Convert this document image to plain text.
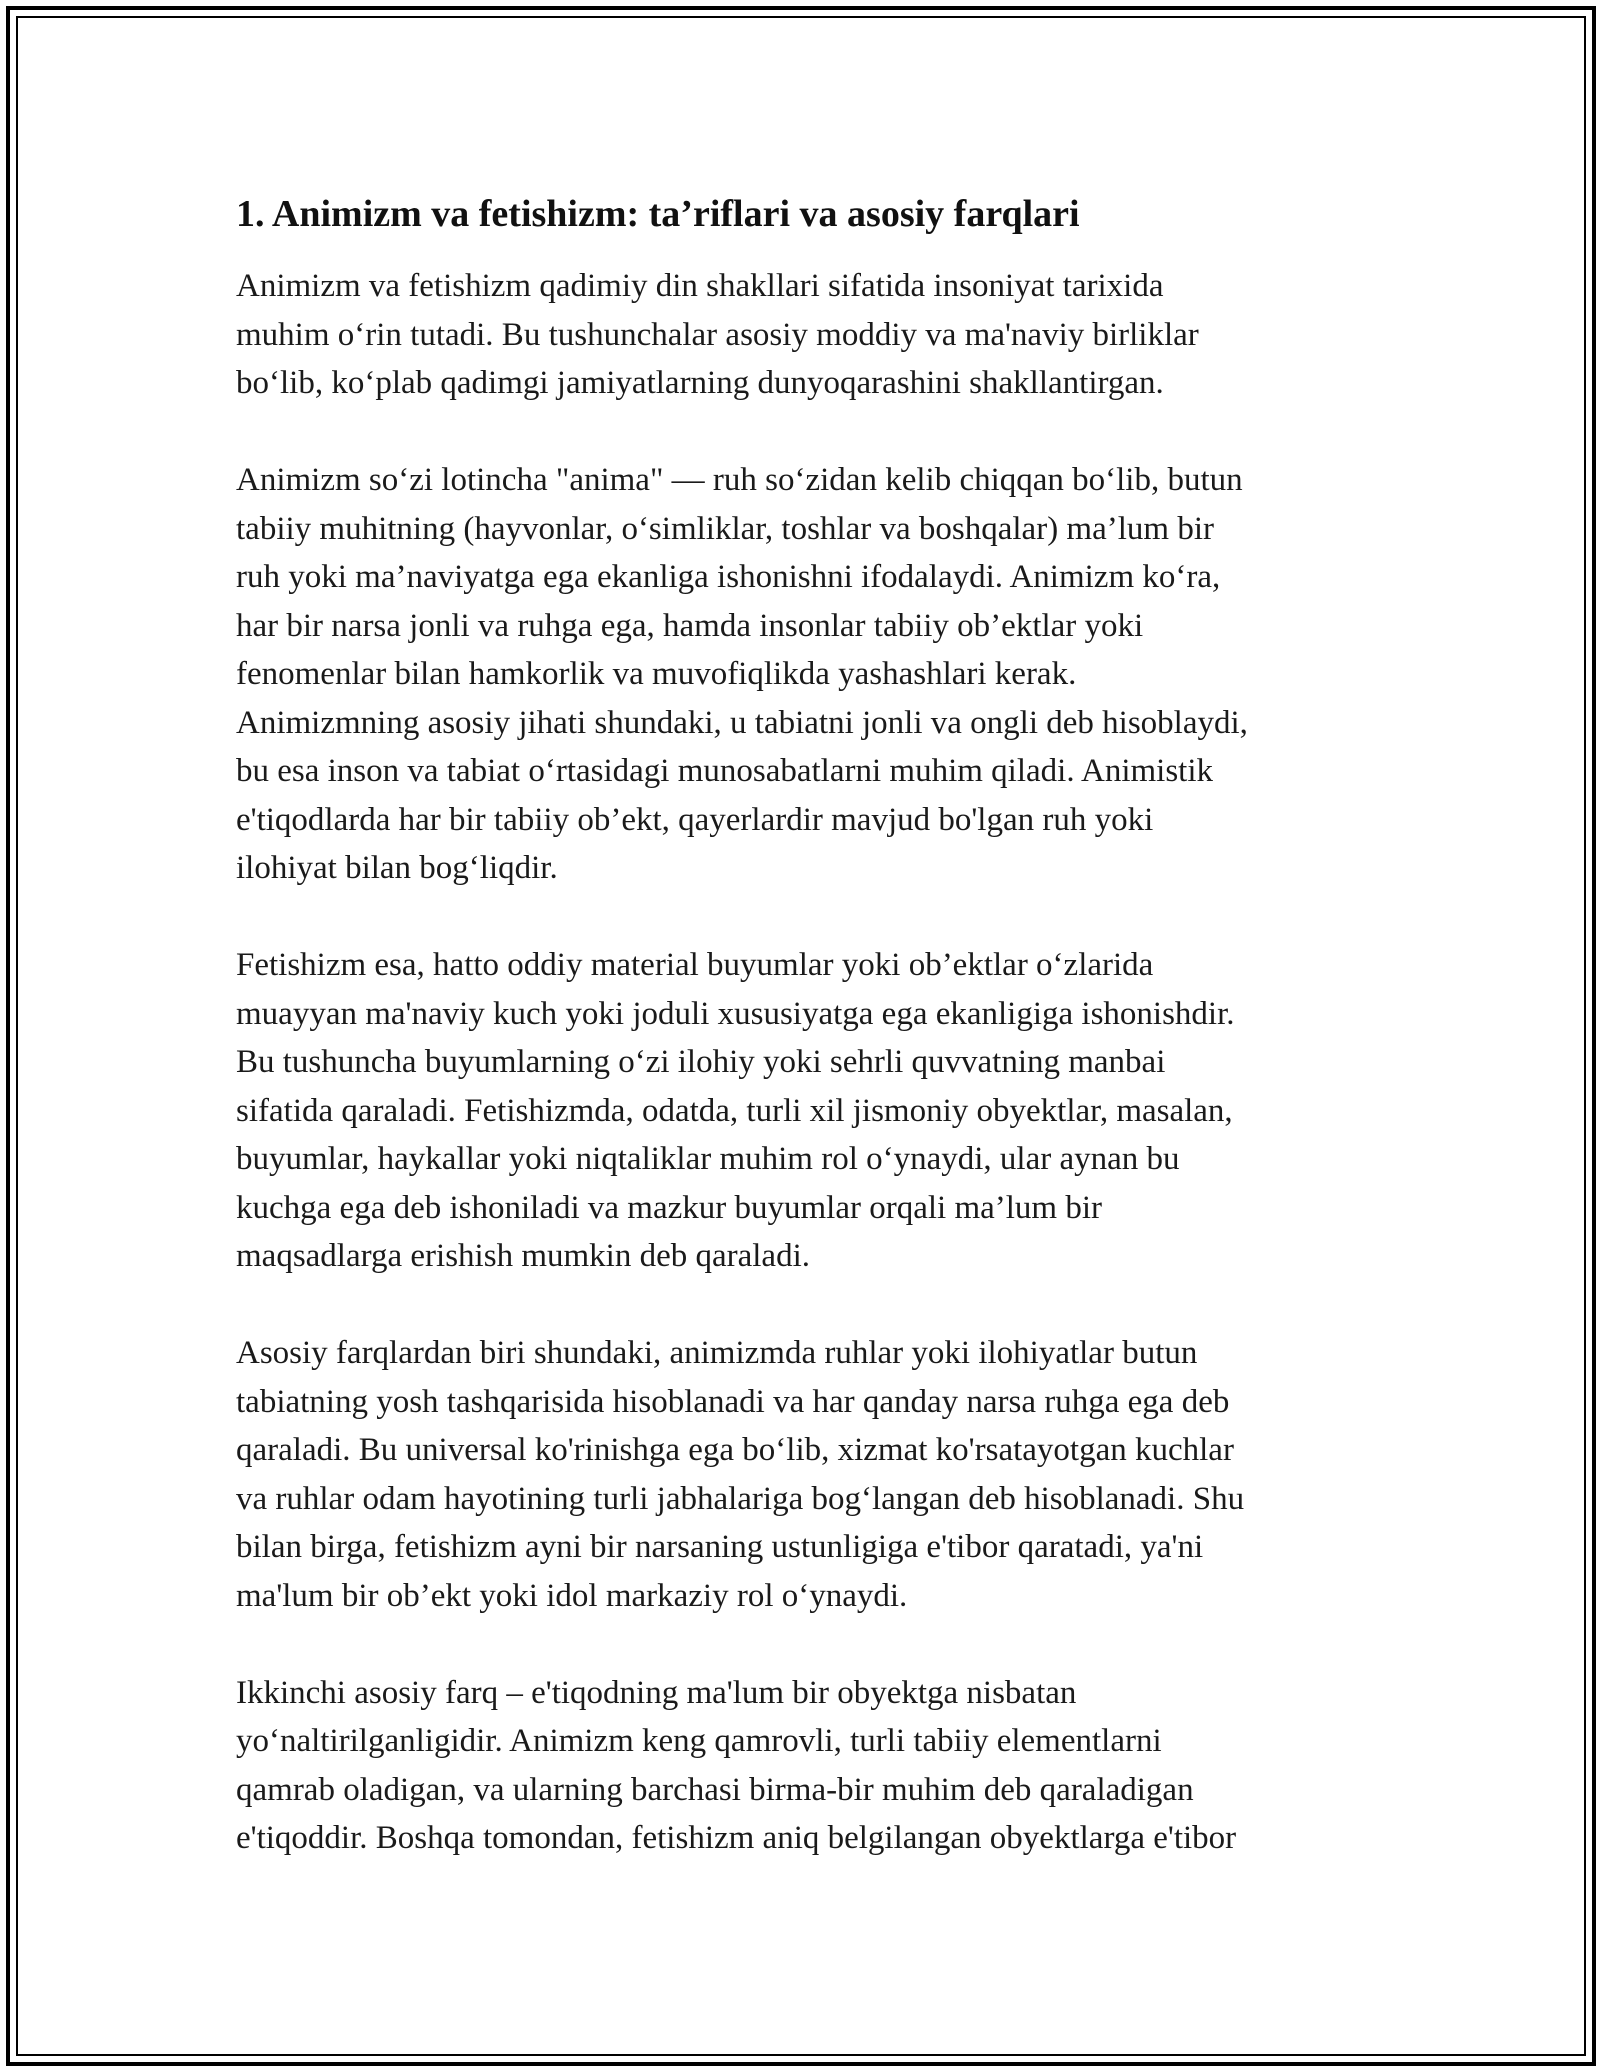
1. Animizm va fetishizm: ta’riflari va asosiy farqlari

Animizm va fetishizm qadimiy din shakllari sifatida insoniyat tarixida
muhim o‘rin tutadi. Bu tushunchalar asosiy moddiy va ma'naviy birliklar
bo‘lib, ko‘plab qadimgi jamiyatlarning dunyoqarashini shakllantirgan.

Animizm so‘zi lotincha "anima" — ruh so‘zidan kelib chiqqan bo‘lib, butun
tabiiy muhitning (hayvonlar, o‘simliklar, toshlar va boshqalar) ma’lum bir
ruh yoki ma’naviyatga ega ekanliga ishonishni ifodalaydi. Animizm ko‘ra,
har bir narsa jonli va ruhga ega, hamda insonlar tabiiy ob’ektlar yoki
fenomenlar bilan hamkorlik va muvofiqlikda yashashlari kerak.
Animizmning asosiy jihati shundaki, u tabiatni jonli va ongli deb hisoblaydi,
bu esa inson va tabiat o‘rtasidagi munosabatlarni muhim qiladi. Animistik
e'tiqodlarda har bir tabiiy ob’ekt, qayerlardir mavjud bo'lgan ruh yoki
ilohiyat bilan bog‘liqdir.

Fetishizm esa, hatto oddiy material buyumlar yoki ob’ektlar o‘zlarida
muayyan ma'naviy kuch yoki joduli xususiyatga ega ekanligiga ishonishdir.
Bu tushuncha buyumlarning o‘zi ilohiy yoki sehrli quvvatning manbai
sifatida qaraladi. Fetishizmda, odatda, turli xil jismoniy obyektlar, masalan,
buyumlar, haykallar yoki niqtaliklar muhim rol o‘ynaydi, ular aynan bu
kuchga ega deb ishoniladi va mazkur buyumlar orqali ma’lum bir
maqsadlarga erishish mumkin deb qaraladi.

Asosiy farqlardan biri shundaki, animizmda ruhlar yoki ilohiyatlar butun
tabiatning yosh tashqarisida hisoblanadi va har qanday narsa ruhga ega deb
qaraladi. Bu universal ko'rinishga ega bo‘lib, xizmat ko'rsatayotgan kuchlar
va ruhlar odam hayotining turli jabhalariga bog‘langan deb hisoblanadi. Shu
bilan birga, fetishizm ayni bir narsaning ustunligiga e'tibor qaratadi, ya'ni
ma'lum bir ob’ekt yoki idol markaziy rol o‘ynaydi.

Ikkinchi asosiy farq – e'tiqodning ma'lum bir obyektga nisbatan
yo‘naltirilganligidir. Animizm keng qamrovli, turli tabiiy elementlarni
qamrab oladigan, va ularning barchasi birma-bir muhim deb qaraladigan
e'tiqoddir. Boshqa tomondan, fetishizm aniq belgilangan obyektlarga e'tibor
